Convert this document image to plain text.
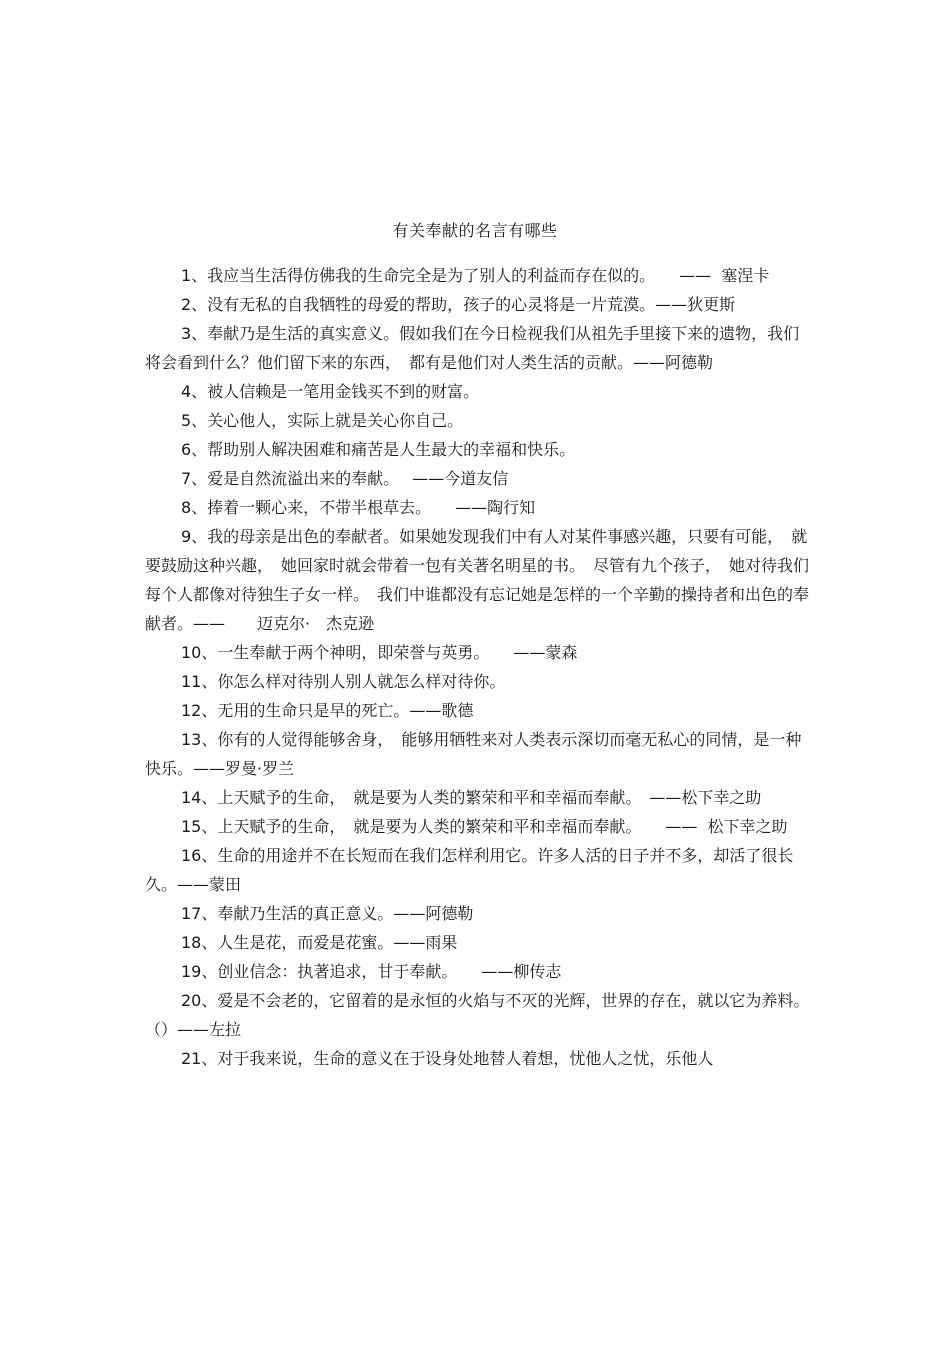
有关奉献的名言有哪些

1、我应当生活得仿佛我的生命完全是为了别人的利益而存在似的。　　——  塞涅卡

2、没有无私的自我牺牲的母爱的帮助，孩子的心灵将是一片荒漠。——狄更斯

3、奉献乃是生活的真实意义。假如我们在今日检视我们从祖先手里接下来的遗物，我们将会看到什么？他们留下来的东西，　都有是他们对人类生活的贡献。——阿德勒

4、被人信赖是一笔用金钱买不到的财富。

5、关心他人，实际上就是关心你自己。

6、帮助别人解决困难和痛苦是人生最大的幸福和快乐。

7、爱是自然流溢出来的奉献。　 ——今道友信

8、捧着一颗心来，不带半根草去。　　——陶行知

9、我的母亲是出色的奉献者。如果她发现我们中有人对某件事感兴趣，只要有可能，　就要鼓励这种兴趣，　她回家时就会带着一包有关著名明星的书。　尽管有九个孩子，　她对待我们每个人都像对待独生子女一样。　我们中谁都没有忘记她是怎样的一个辛勤的操持者和出色的奉献者。——　　迈克尔·　杰克逊

10、一生奉献于两个神明，即荣誉与英勇。　　——蒙森

11、你怎么样对待别人别人就怎么样对待你。

12、无用的生命只是早的死亡。——歌德

13、你有的人觉得能够舍身，　能够用牺牲来对人类表示深切而毫无私心的同情，是一种快乐。——罗曼·罗兰

14、上天赋予的生命，　就是要为人类的繁荣和平和幸福而奉献。　——松下幸之助

15、上天赋予的生命，　就是要为人类的繁荣和平和幸福而奉献。　　——  松下幸之助

16、生命的用途并不在长短而在我们怎样利用它。许多人活的日子并不多，却活了很长久。——蒙田

17、奉献乃生活的真正意义。——阿德勒

18、人生是花，而爱是花蜜。——雨果

19、创业信念：执著追求，甘于奉献。　　——柳传志

20、爱是不会老的，它留着的是永恒的火焰与不灭的光辉，世界的存在，就以它为养料。（）——左拉

21、对于我来说，生命的意义在于设身处地替人着想，忧他人之忧，乐他人
